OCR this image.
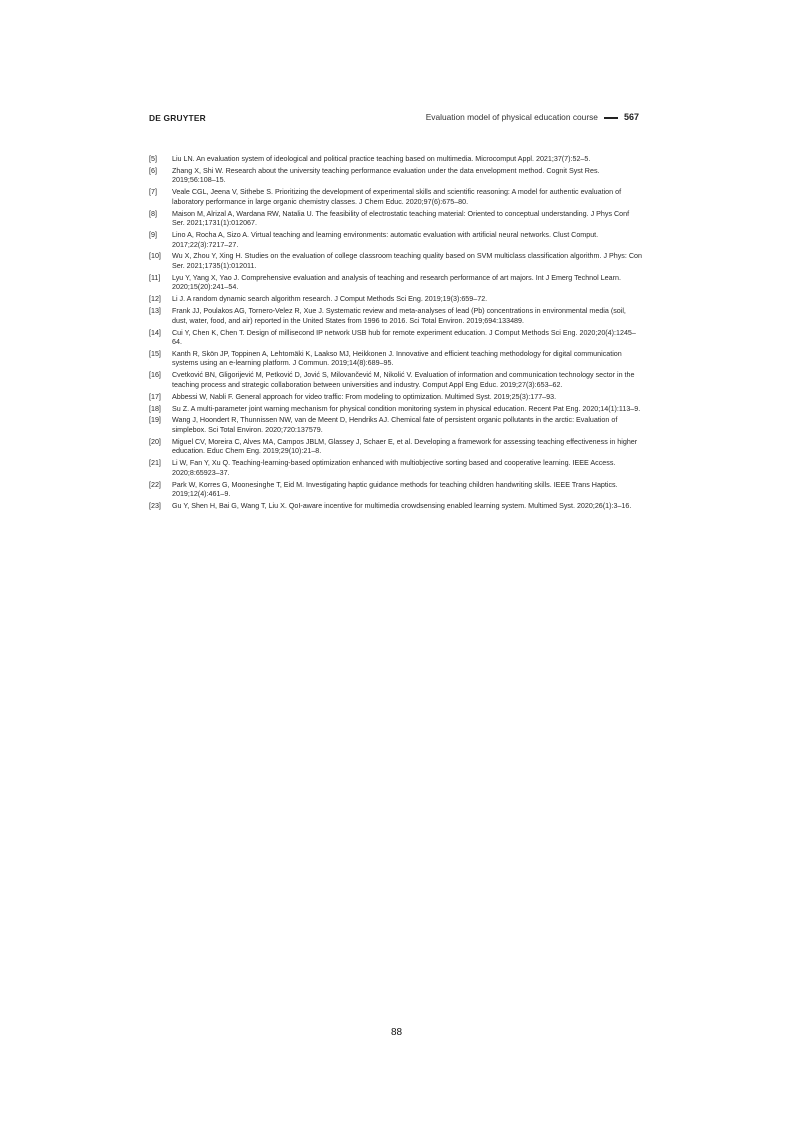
DE GRUYTER	Evaluation model of physical education course	567
[5]	Liu LN. An evaluation system of ideological and political practice teaching based on multimedia. Microcomput Appl. 2021;37(7):52–5.
[6]	Zhang X, Shi W. Research about the university teaching performance evaluation under the data envelopment method. Cognit Syst Res. 2019;56:108–15.
[7]	Veale CGL, Jeena V, Sithebe S. Prioritizing the development of experimental skills and scientific reasoning: A model for authentic evaluation of laboratory performance in large organic chemistry classes. J Chem Educ. 2020;97(6):675–80.
[8]	Maison M, Alrizal A, Wardana RW, Natalia U. The feasibility of electrostatic teaching material: Oriented to conceptual understanding. J Phys Conf Ser. 2021;1731(1):012067.
[9]	Lino A, Rocha A, Sizo A. Virtual teaching and learning environments: automatic evaluation with artificial neural networks. Clust Comput. 2017;22(3):7217–27.
[10]	Wu X, Zhou Y, Xing H. Studies on the evaluation of college classroom teaching quality based on SVM multiclass classification algorithm. J Phys: Con Ser. 2021;1735(1):012011.
[11]	Lyu Y, Yang X, Yao J. Comprehensive evaluation and analysis of teaching and research performance of art majors. Int J Emerg Technol Learn. 2020;15(20):241–54.
[12]	Li J. A random dynamic search algorithm research. J Comput Methods Sci Eng. 2019;19(3):659–72.
[13]	Frank JJ, Poulakos AG, Tornero-Velez R, Xue J. Systematic review and meta-analyses of lead (Pb) concentrations in environmental media (soil, dust, water, food, and air) reported in the United States from 1996 to 2016. Sci Total Environ. 2019;694:133489.
[14]	Cui Y, Chen K, Chen T. Design of millisecond IP network USB hub for remote experiment education. J Comput Methods Sci Eng. 2020;20(4):1245–64.
[15]	Kanth R, Skön JP, Toppinen A, Lehtomäki K, Laakso MJ, Heikkonen J. Innovative and efficient teaching methodology for digital communication systems using an e-learning platform. J Commun. 2019;14(8):689–95.
[16]	Cvetković BN, Gligorijević M, Petković D, Jović S, Milovančević M, Nikolić V. Evaluation of information and communication technology sector in the teaching process and strategic collaboration between universities and industry. Comput Appl Eng Educ. 2019;27(3):653–62.
[17]	Abbessi W, Nabli F. General approach for video traffic: From modeling to optimization. Multimed Syst. 2019;25(3):177–93.
[18]	Su Z. A multi-parameter joint warning mechanism for physical condition monitoring system in physical education. Recent Pat Eng. 2020;14(1):113–9.
[19]	Wang J, Hoondert R, Thunnissen NW, van de Meent D, Hendriks AJ. Chemical fate of persistent organic pollutants in the arctic: Evaluation of simplebox. Sci Total Environ. 2020;720:137579.
[20]	Miguel CV, Moreira C, Alves MA, Campos JBLM, Glassey J, Schaer E, et al. Developing a framework for assessing teaching effectiveness in higher education. Educ Chem Eng. 2019;29(10):21–8.
[21]	Li W, Fan Y, Xu Q. Teaching-learning-based optimization enhanced with multiobjective sorting based and cooperative learning. IEEE Access. 2020;8:65923–37.
[22]	Park W, Korres G, Moonesinghe T, Eid M. Investigating haptic guidance methods for teaching children handwriting skills. IEEE Trans Haptics. 2019;12(4):461–9.
[23]	Gu Y, Shen H, Bai G, Wang T, Liu X. QoI-aware incentive for multimedia crowdsensing enabled learning system. Multimed Syst. 2020;26(1):3–16.
88
